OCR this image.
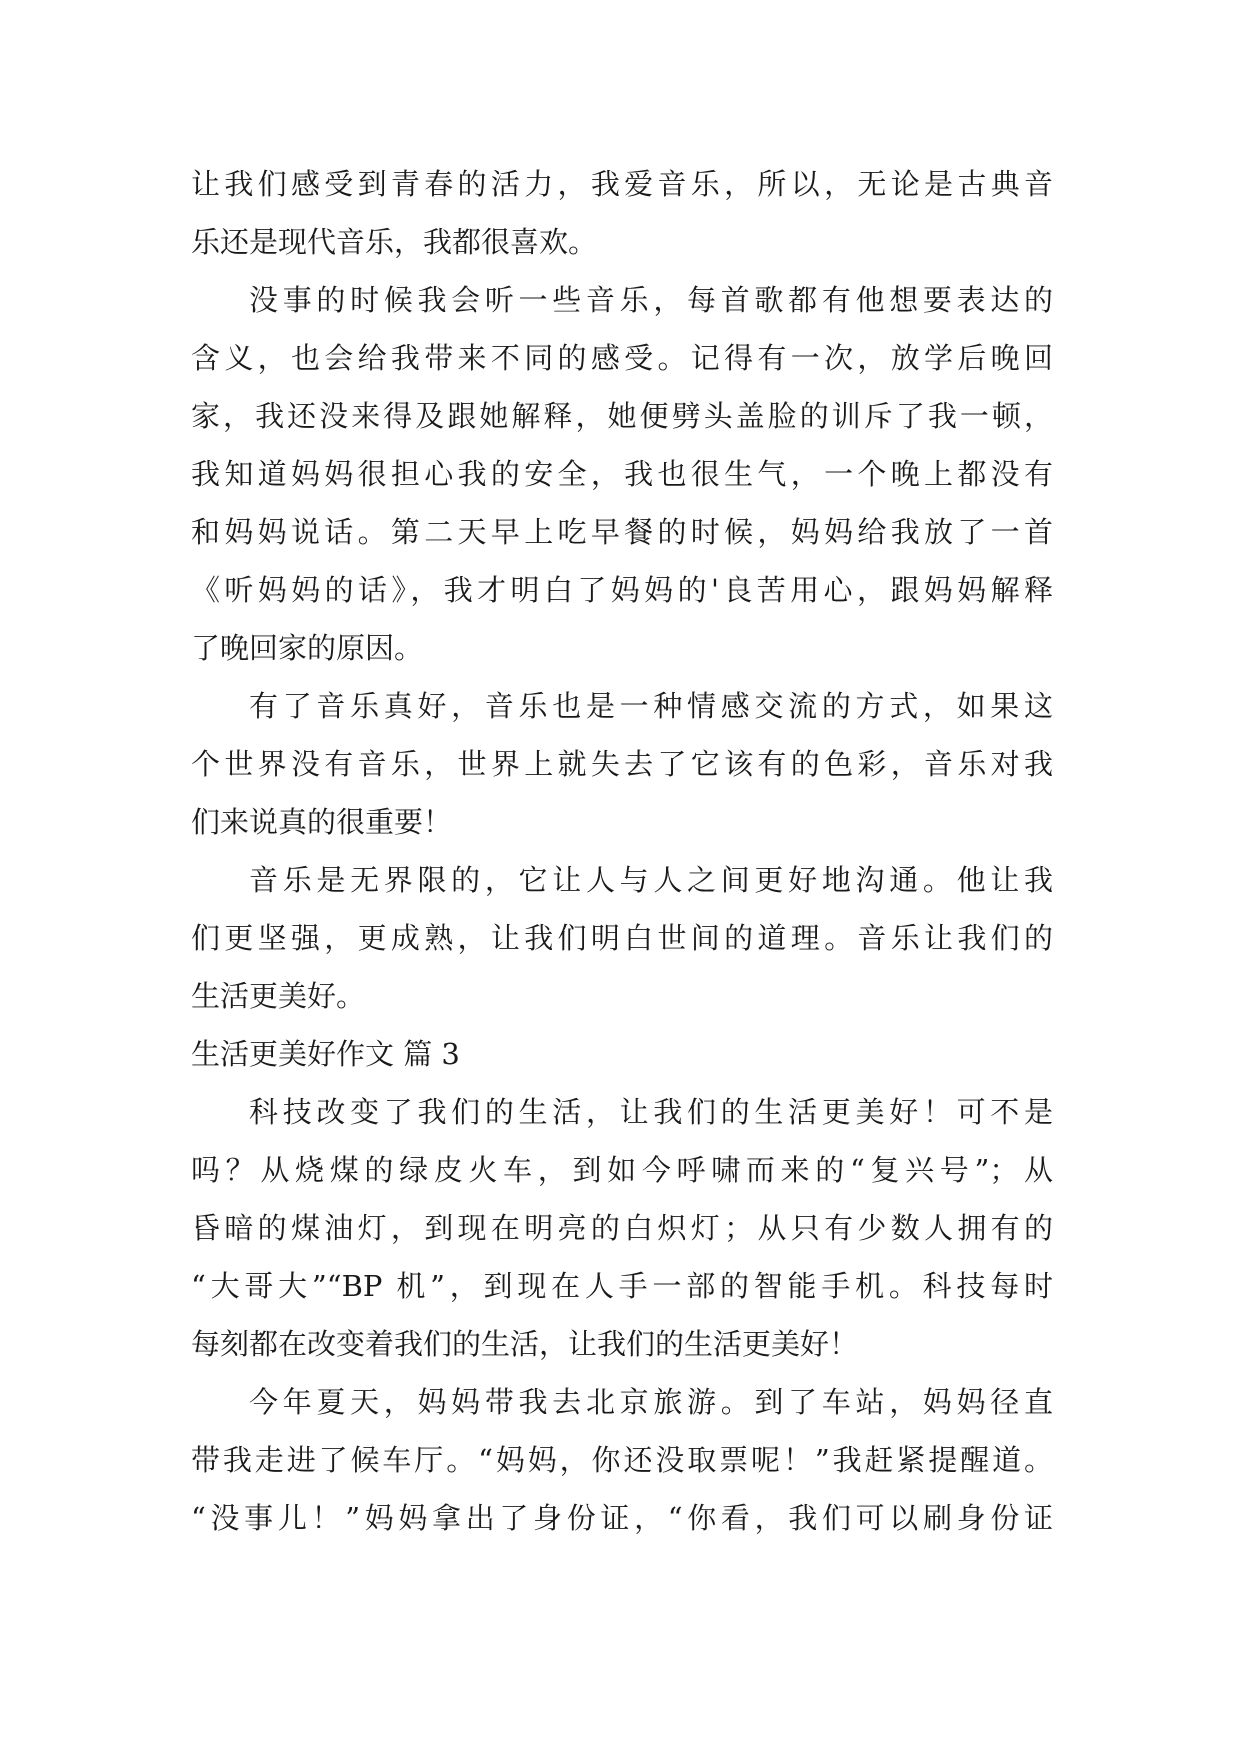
让我们感受到青春的活力，我爱音乐，所以，无论是古典音
乐还是现代音乐，我都很喜欢。
没事的时候我会听一些音乐，每首歌都有他想要表达的
含义，也会给我带来不同的感受。记得有一次，放学后晚回
家，我还没来得及跟她解释，她便劈头盖脸的训斥了我一顿，
我知道妈妈很担心我的安全，我也很生气，一个晚上都没有
和妈妈说话。第二天早上吃早餐的时候，妈妈给我放了一首
《听妈妈的话》，我才明白了妈妈的'良苦用心，跟妈妈解释
了晚回家的原因。
有了音乐真好，音乐也是一种情感交流的方式，如果这
个世界没有音乐，世界上就失去了它该有的色彩，音乐对我
们来说真的很重要！
音乐是无界限的，它让人与人之间更好地沟通。他让我
们更坚强，更成熟，让我们明白世间的道理。音乐让我们的
生活更美好。
生活更美好作文 篇 3
科技改变了我们的生活，让我们的生活更美好！可不是
吗？从烧煤的绿皮火车，到如今呼啸而来的“复兴号”；从
昏暗的煤油灯，到现在明亮的白炽灯；从只有少数人拥有的
“大哥大”“BP 机”，到现在人手一部的智能手机。科技每时
每刻都在改变着我们的生活，让我们的生活更美好！
今年夏天，妈妈带我去北京旅游。到了车站，妈妈径直
带我走进了候车厅。“妈妈，你还没取票呢！”我赶紧提醒道。
“没事儿！”妈妈拿出了身份证，“你看，我们可以刷身份证
